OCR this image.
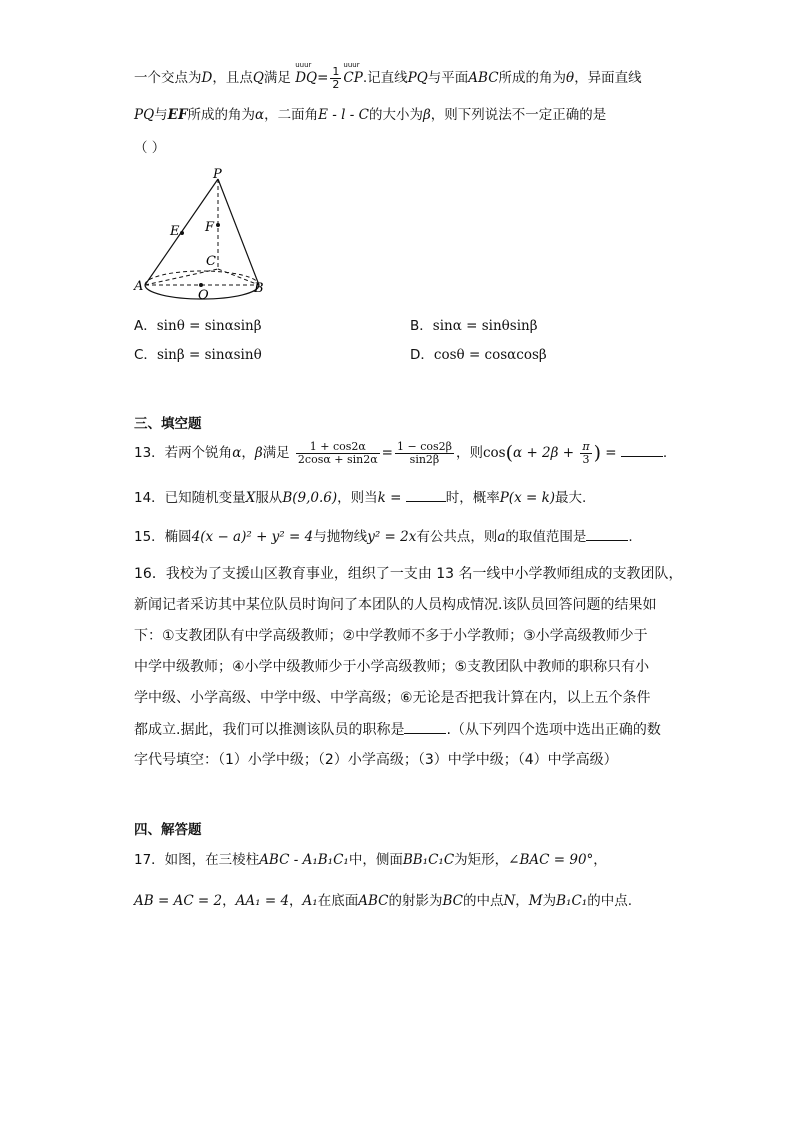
一个交点为D，且点Q满足
uuur
$DQ= \frac{1}{2}$
uuur
CP.记直线PQ与平面ABC所成的角为θ，异面直线
PQ与EF所成的角为α，二面角E - l - C的大小为β，则下列说法不一定正确的是
（ ）
P
E F
C
A
O	B
A．sinθ = sinαsinβ	B．sinα = sinθsinβ
C．sinβ = sinαsinθ	D．cosθ = cosαcosβ
三、填空题
13．若两个锐角α，β满足 $\frac{1 + \cos 2\alpha}{2\cos\alpha + \sin 2\alpha} = \frac{1 - \cos 2\beta}{\sin 2\beta}$ ，则$\cos(\alpha + 2\beta + \frac{\pi}{3}$ ) =	.
14．已知随机变量X服从B(9,0.6)，则当k =	时，概率P(x = k)最大.
15．椭圆4(x − a)² + y² = 4与抛物线y² = 2x有公共点，则a的取值范围是	.
16．我校为了支援山区教育事业，组织了一支由 13 名一线中小学教师组成的支教团队，
新闻记者采访其中某位队员时询问了本团队的人员构成情况.该队员回答问题的结果如
下：①支教团队有中学高级教师；②中学教师不多于小学教师；③小学高级教师少于
中学中级教师；④小学中级教师少于小学高级教师；⑤支教团队中教师的职称只有小
学中级、小学高级、中学中级、中学高级；⑥无论是否把我计算在内，以上五个条件
都成立.据此，我们可以推测该队员的职称是	.（从下列四个选项中选出正确的数
字代号填空：（1）小学中级；（2）小学高级；（3）中学中级；（4）中学高级）
四、解答题
17．如图，在三棱柱ABC - A₁B₁C₁中，侧面BB₁C₁C为矩形，∠BAC = 90°，
AB = AC = 2，AA₁ = 4，A₁在底面ABC的射影为BC的中点N，M为B₁C₁的中点.
